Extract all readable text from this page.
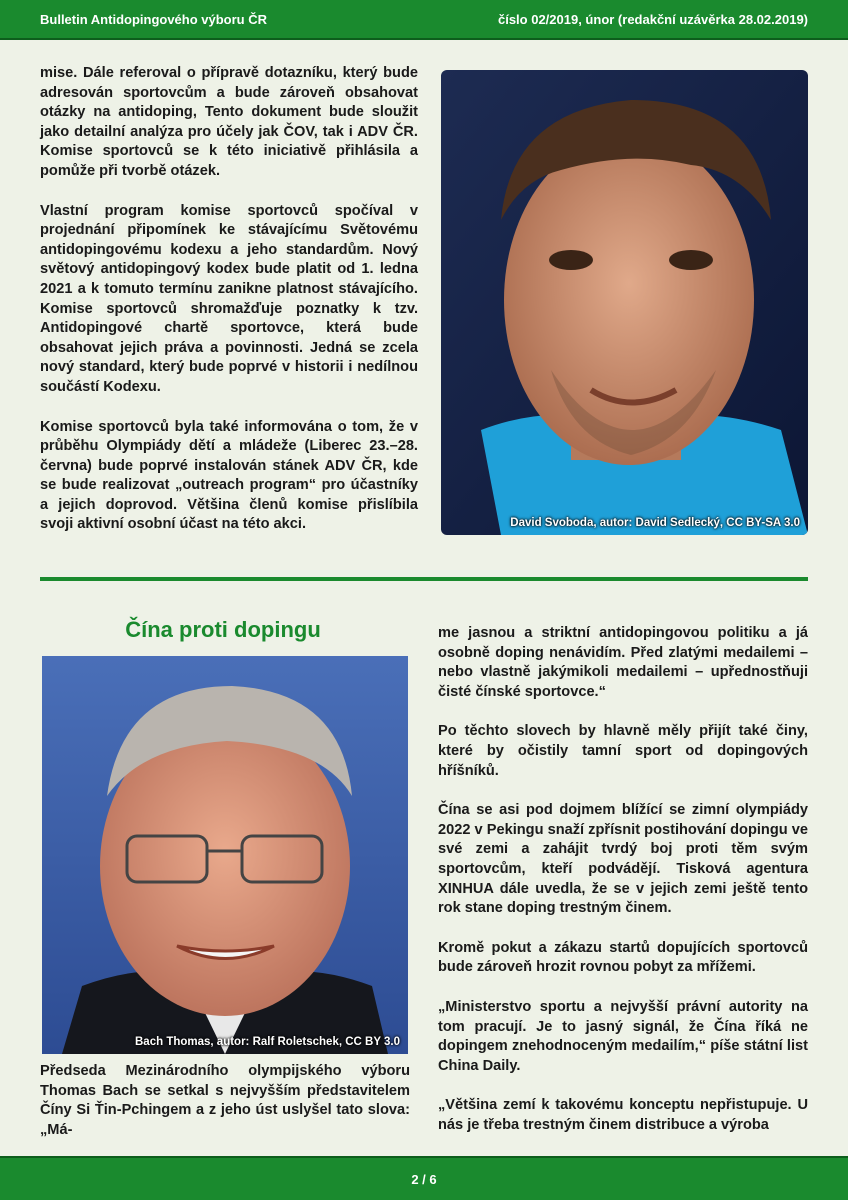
Bulletin Antidopingového výboru ČR	číslo 02/2019, únor (redakční uzávěrka 28.02.2019)

mise. Dále referoval o přípravě dotazníku, který bude adresován sportovcům a bude zároveň obsahovat otázky na antidoping, Tento dokument bude sloužit jako detailní analýza pro účely jak ČOV, tak i ADV ČR. Komise sportovců se k této iniciativě přihlásila a pomůže při tvorbě otázek.

Vlastní program komise sportovců spočíval v projednání připomínek ke stávajícímu Světovému antidopingovému kodexu a jeho standardům. Nový světový antidopingový kodex bude platit od 1. ledna 2021 a k tomuto termínu zanikne platnost stávajícího. Komise sportovců shromažďuje poznatky k tzv. Antidopingové chartě sportovce, která bude obsahovat jejich práva a povinnosti. Jedná se zcela nový standard, který bude poprvé v historii i nedílnou součástí Kodexu.

Komise sportovců byla také informována o tom, že v průběhu Olympiády dětí a mládeže (Liberec 23.–28. června) bude poprvé instalován stánek ADV ČR, kde se bude realizovat „outreach program“ pro účastníky a jejich doprovod. Většina členů komise přislíbila svoji aktivní osobní účast na této akci.	David Svoboda, autor: David Sedlecký, CC BY-SA 3.0
Čína proti dopingu
Bach Thomas, autor: Ralf Roletschek, CC BY 3.0

Předseda Mezinárodního olympijského výboru Thomas Bach se setkal s nejvyšším představitelem Číny Si Ťin-Pchingem a z jeho úst uslyšel tato slova: „Má-

me jasnou a striktní antidopingovou politiku a já osobně doping nenávidím. Před zlatými medailemi – nebo vlastně jakýmikoli medailemi – upřednostňuji čisté čínské sportovce.“

Po těchto slovech by hlavně měly přijít také činy, které by očistily tamní sport od dopingových hříšníků.

Čína se asi pod dojmem blížící se zimní olympiády 2022 v Pekingu snaží zpřísnit postihování dopingu ve své zemi a zahájit tvrdý boj proti těm svým sportovcům, kteří podvádějí. Tisková agentura XINHUA dále uvedla, že se v jejich zemi ještě tento rok stane doping trestným činem.

Kromě pokut a zákazu startů dopujících sportovců bude zároveň hrozit rovnou pobyt za mřížemi.

„Ministerstvo sportu a nejvyšší právní autority na tom pracují. Je to jasný signál, že Čína říká ne dopingem znehodnoceným medailím,“ píše státní list China Daily.

„Většina zemí k takovému konceptu nepřistupuje. U nás je třeba trestným činem distribuce a výroba

2 / 6
